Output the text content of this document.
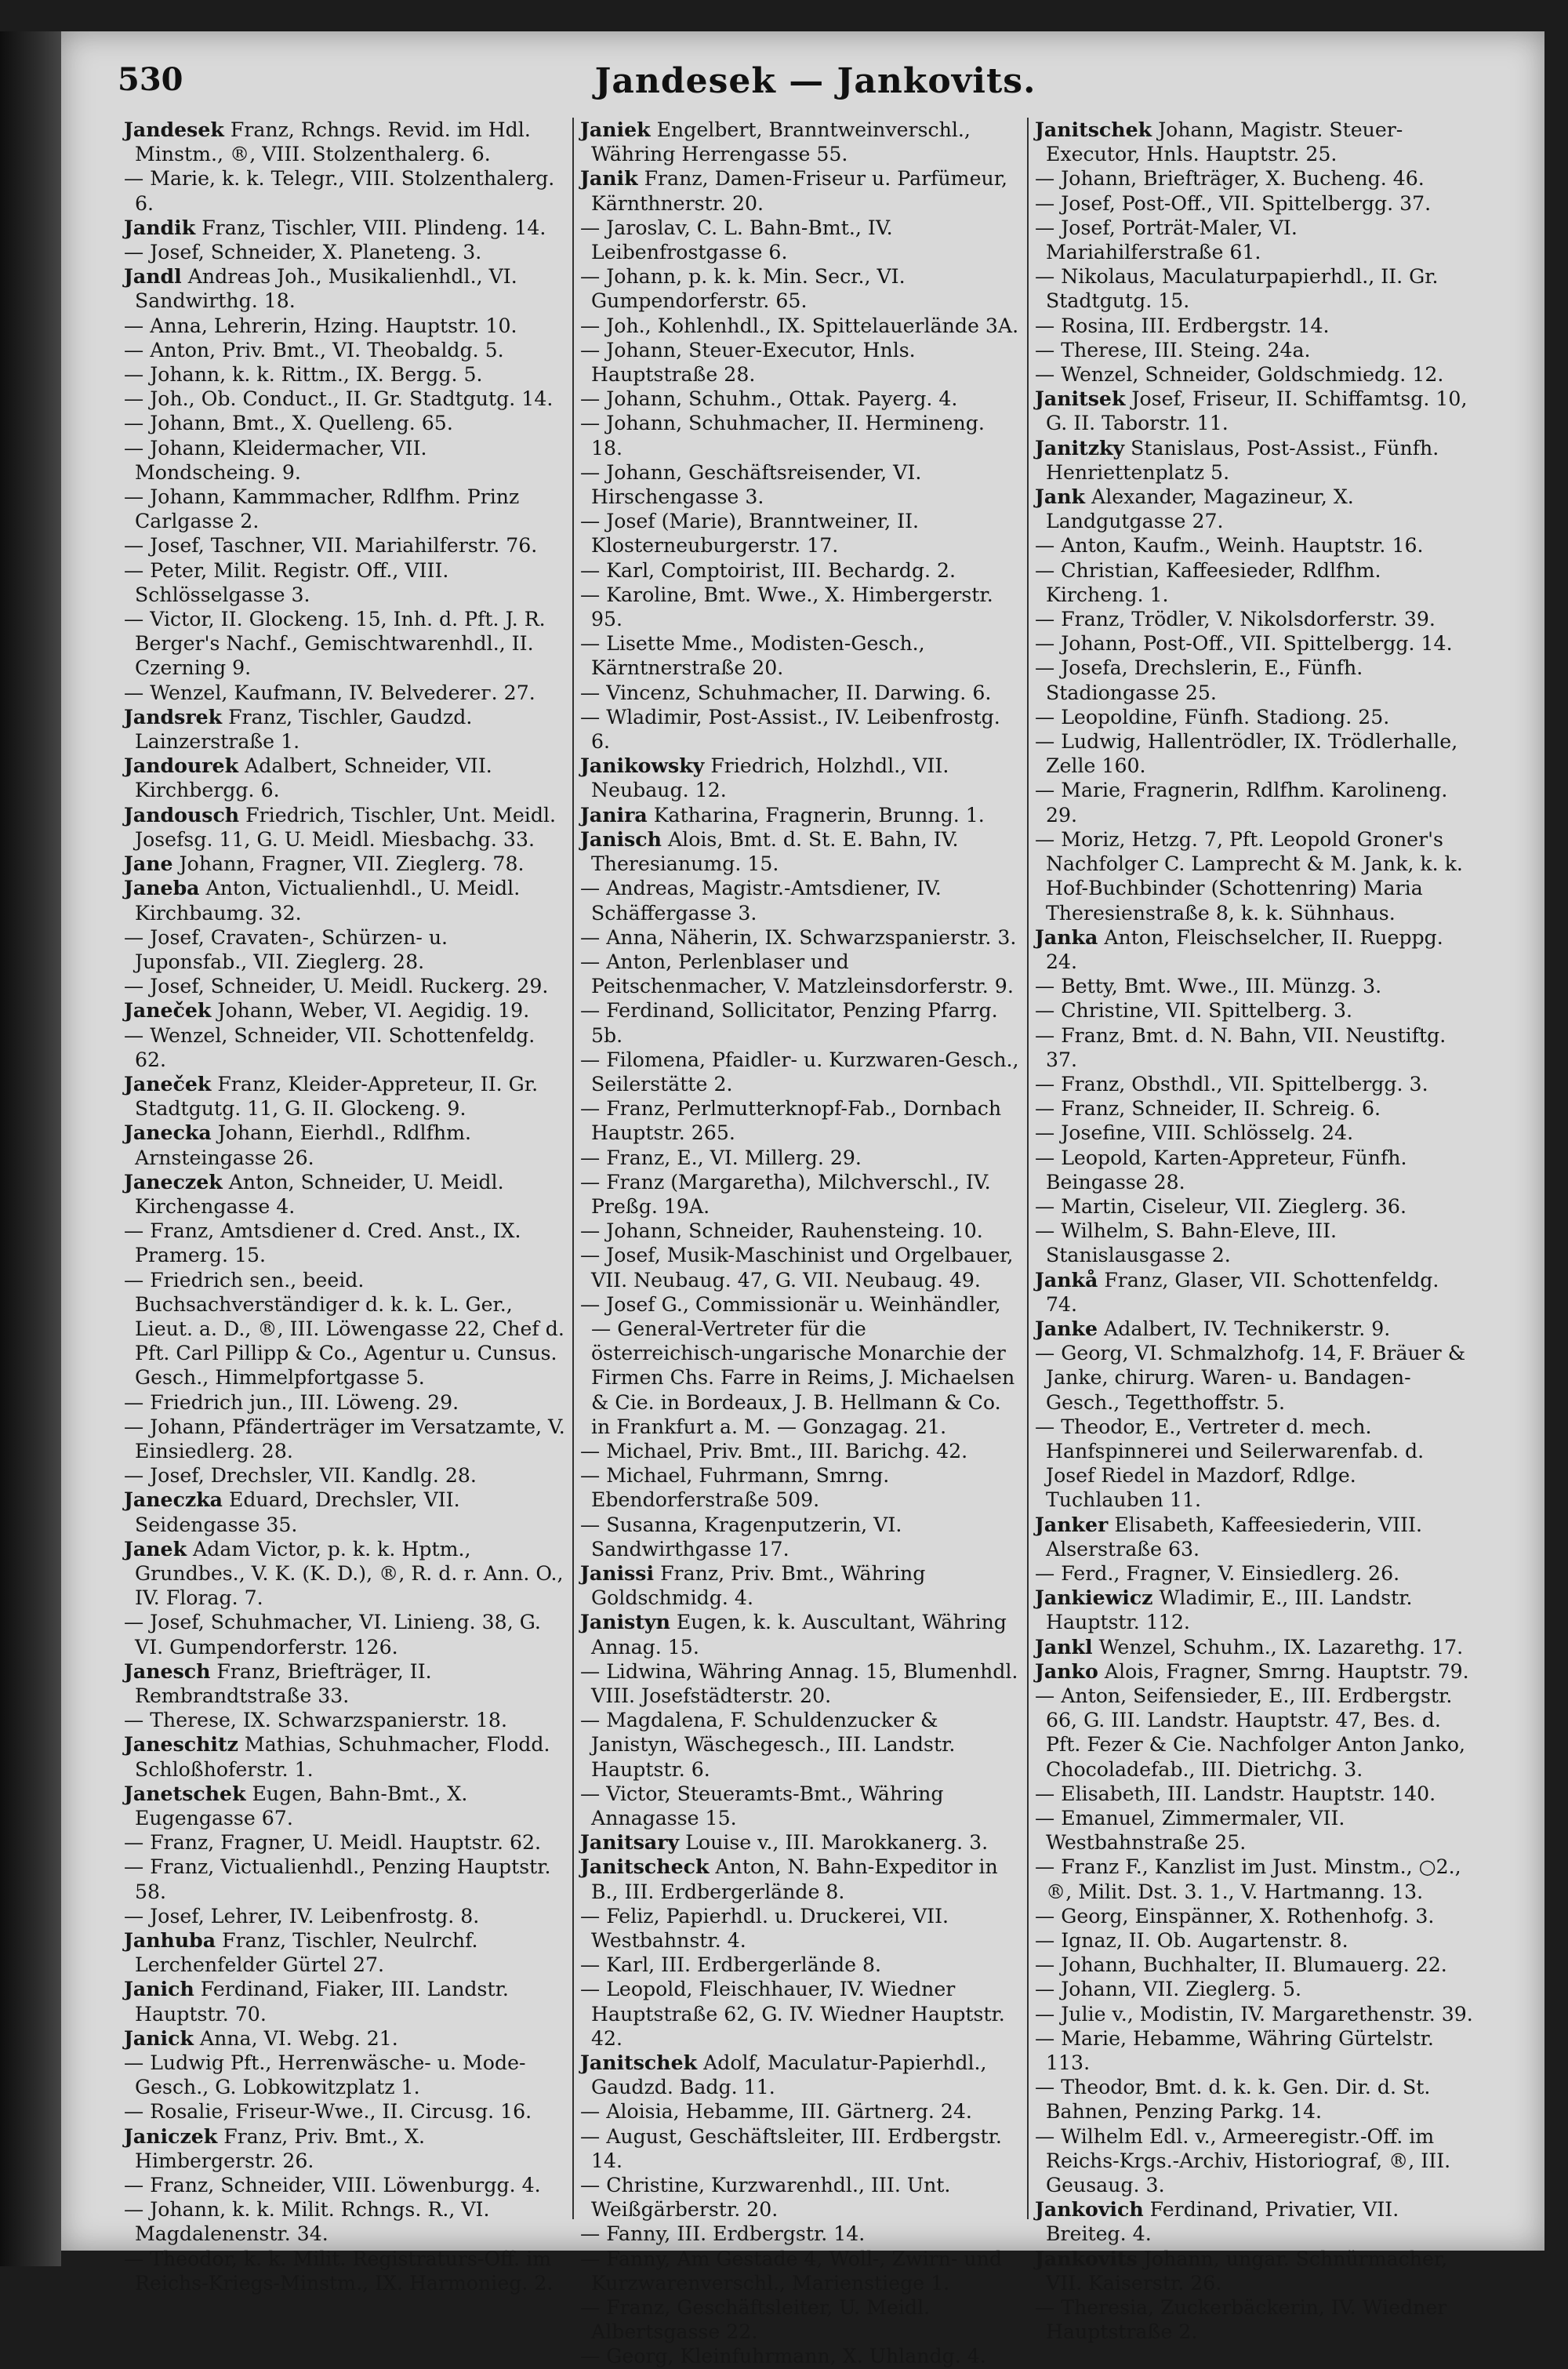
530	Jandesek — Jankovits.
Jandesek Franz, Rchngs. Revid. im Hdl. Minstm., ®, VIII. Stolzenthalerg. 6.
— Marie, k. k. Telegr., VIII. Stolzenthalerg. 6.
Jandik Franz, Tischler, VIII. Plindeng. 14.
— Josef, Schneider, X. Planeteng. 3.
Jandl Andreas Joh., Musikalienhdl., VI. Sandwirthg. 18.
— Anna, Lehrerin, Hzing. Hauptstr. 10.
— Anton, Priv. Bmt., VI. Theobaldg. 5.
— Johann, k. k. Rittm., IX. Bergg. 5.
— Joh., Ob. Conduct., II. Gr. Stadtgutg. 14.
— Johann, Bmt., X. Quelleng. 65.
— Johann, Kleidermacher, VII. Mondscheing. 9.
— Johann, Kammmacher, Rdlfhm. Prinz Carlgasse 2.
— Josef, Taschner, VII. Mariahilferstr. 76.
— Peter, Milit. Registr. Off., VIII. Schlösselgasse 3.
— Victor, II. Glockeng. 15, Inh. d. Pft. J. R. Berger's Nachf., Gemischtwarenhdl., II. Czerning 9.
— Wenzel, Kaufmann, IV. Belvederег. 27.
Jandsrek Franz, Tischler, Gaudzd. Lainzerstraße 1.
Jandourek Adalbert, Schneider, VII. Kirchbergg. 6.
Jandousch Friedrich, Tischler, Unt. Meidl. Josefsg. 11, G. U. Meidl. Miesbachg. 33.
Jane Johann, Fragner, VII. Zieglerg. 78.
Janeba Anton, Victualienhdl., U. Meidl. Kirchbaumg. 32.
— Josef, Cravaten-, Schürzen- u. Juponsfab., VII. Zieglerg. 28.
— Josef, Schneider, U. Meidl. Ruckerg. 29.
Janeček Johann, Weber, VI. Aegidig. 19.
— Wenzel, Schneider, VII. Schottenfeldg. 62.
Janeček Franz, Kleider-Appreteur, II. Gr. Stadtgutg. 11, G. II. Glockeng. 9.
Janecka Johann, Eierhdl., Rdlfhm. Arnsteingasse 26.
Janeczek Anton, Schneider, U. Meidl. Kirchengasse 4.
— Franz, Amtsdiener d. Cred. Anst., IX. Pramerg. 15.
— Friedrich sen., beeid. Buchsachverständiger d. k. k. L. Ger., Lieut. a. D., ®, III. Löwengasse 22, Chef d. Pft. Carl Pillipp & Co., Agentur u. Cunsus. Gesch., Himmelpfortgasse 5.
— Friedrich jun., III. Löweng. 29.
— Johann, Pfänderträger im Versatzamte, V. Einsiedlerg. 28.
— Josef, Drechsler, VII. Kandlg. 28.
Janeczka Eduard, Drechsler, VII. Seidengasse 35.
Janek Adam Victor, p. k. k. Hptm., Grundbes., V. K. (K. D.), ®, R. d. r. Ann. O., IV. Florag. 7.
— Josef, Schuhmacher, VI. Linieng. 38, G. VI. Gumpendorferstr. 126.
Janesch Franz, Briefträger, II. Rembrandtstraße 33.
— Therese, IX. Schwarzspanierstr. 18.
Janeschitz Mathias, Schuhmacher, Flodd. Schloßhoferstr. 1.
Janetschek Eugen, Bahn-Bmt., X. Eugengasse 67.
— Franz, Fragner, U. Meidl. Hauptstr. 62.
— Franz, Victualienhdl., Penzing Hauptstr. 58.
— Josef, Lehrer, IV. Leibenfrostg. 8.
Janhuba Franz, Tischler, Neulrchf. Lerchenfelder Gürtel 27.
Janich Ferdinand, Fiaker, III. Landstr. Hauptstr. 70.
Janick Anna, VI. Webg. 21.
— Ludwig Pft., Herrenwäsche- u. Mode-Gesch., G. Lobkowitzplatz 1.
— Rosalie, Friseur-Wwe., II. Circusg. 16.
Janiczek Franz, Priv. Bmt., X. Himbergerstr. 26.
— Franz, Schneider, VIII. Löwenburgg. 4.
— Johann, k. k. Milit. Rchngs. R., VI. Magdalenenstr. 34.
— Theodor, k. k. Milit. Registraturs-Off. im Reichs-Kriegs-Minstm., IX. Harmonieg. 2.
Janiek Engelbert, Branntweinverschl., Währing Herrengasse 55.
Janik Franz, Damen-Friseur u. Parfümeur, Kärnthnerstr. 20.
— Jaroslav, C. L. Bahn-Bmt., IV. Leibenfrostgasse 6.
— Johann, p. k. k. Min. Secr., VI. Gumpendorferstr. 65.
— Joh., Kohlenhdl., IX. Spittelauerlände 3A.
— Johann, Steuer-Executor, Hnls. Hauptstraße 28.
— Johann, Schuhm., Ottak. Payerg. 4.
— Johann, Schuhmacher, II. Hermineng. 18.
— Johann, Geschäftsreisender, VI. Hirschengasse 3.
— Josef (Marie), Branntweiner, II. Klosterneuburgerstr. 17.
— Karl, Comptoirist, III. Bechardg. 2.
— Karoline, Bmt. Wwe., X. Himbergerstr. 95.
— Lisette Mme., Modisten-Gesch., Kärntnerstraße 20.
— Vincenz, Schuhmacher, II. Darwing. 6.
— Wladimir, Post-Assist., IV. Leibenfrostg. 6.
Janikowsky Friedrich, Holzhdl., VII. Neubaug. 12.
Janira Katharina, Fragnerin, Brunng. 1.
Janisch Alois, Bmt. d. St. E. Bahn, IV. Theresianumg. 15.
— Andreas, Magistr.-Amtsdiener, IV. Schäffergasse 3.
— Anna, Näherin, IX. Schwarzspanierstr. 3.
— Anton, Perlenblaser und Peitschenmacher, V. Matzleinsdorferstr. 9.
— Ferdinand, Sollicitator, Penzing Pfarrg. 5b.
— Filomena, Pfaidler- u. Kurzwaren-Gesch., Seilerstätte 2.
— Franz, Perlmutterknopf-Fab., Dornbach Hauptstr. 265.
— Franz, E., VI. Millerg. 29.
— Franz (Margaretha), Milchverschl., IV. Preßg. 19A.
— Johann, Schneider, Rauhensteing. 10.
— Josef, Musik-Maschinist und Orgelbauer, VII. Neubaug. 47, G. VII. Neubaug. 49.
— Josef G., Commissionär u. Weinhändler, — General-Vertreter für die österreichisch-ungarische Monarchie der Firmen Chs. Farre in Reims, J. Michaelsen & Cie. in Bordeaux, J. B. Hellmann & Co. in Frankfurt a. M. — Gonzagag. 21.
— Michael, Priv. Bmt., III. Barichg. 42.
— Michael, Fuhrmann, Smrng. Ebendorferstraße 509.
— Susanna, Kragenputzerin, VI. Sandwirthgasse 17.
Janissi Franz, Priv. Bmt., Währing Goldschmidg. 4.
Janistyn Eugen, k. k. Auscultant, Währing Annag. 15.
— Lidwina, Währing Annag. 15, Blumenhdl. VIII. Josefstädterstr. 20.
— Magdalena, F. Schuldenzucker & Janistyn, Wäschegesch., III. Landstr. Hauptstr. 6.
— Victor, Steueramts-Bmt., Währing Annagasse 15.
Janitsary Louise v., III. Marokkanerg. 3.
Janitscheck Anton, N. Bahn-Expeditor in B., III. Erdbergerlände 8.
— Feliz, Papierhdl. u. Druckerei, VII. Westbahnstr. 4.
— Karl, III. Erdbergerlände 8.
— Leopold, Fleischhauer, IV. Wiedner Hauptstraße 62, G. IV. Wiedner Hauptstr. 42.
Janitschek Adolf, Maculatur-Papierhdl., Gaudzd. Badg. 11.
— Aloisia, Hebamme, III. Gärtnerg. 24.
— August, Geschäftsleiter, III. Erdbergstr. 14.
— Christine, Kurzwarenhdl., III. Unt. Weißgärberstr. 20.
— Fanny, III. Erdbergstr. 14.
— Fanny, Am Gestade 4, Woll-, Zwirn- und Kurzwarenverschl., Marienstiege 1.
— Franz, Geschäftsleiter, U. Meidl. Albertsgasse 22.
— Georg, Kleinfuhrmann, X. Uhlandg. 4.
Janitschek Johann, Magistr. Steuer-Executor, Hnls. Hauptstr. 25.
— Johann, Briefträger, X. Bucheng. 46.
— Josef, Post-Off., VII. Spittelbergg. 37.
— Josef, Porträt-Maler, VI. Mariahilferstraße 61.
— Nikolaus, Maculaturpapierhdl., II. Gr. Stadtgutg. 15.
— Rosina, III. Erdbergstr. 14.
— Therese, III. Steing. 24a.
— Wenzel, Schneider, Goldschmiedg. 12.
Janitsek Josef, Friseur, II. Schiffamtsg. 10, G. II. Taborstr. 11.
Janitzky Stanislaus, Post-Assist., Fünfh. Henriettenplatz 5.
Jank Alexander, Magazineur, X. Landgutgasse 27.
— Anton, Kaufm., Weinh. Hauptstr. 16.
— Christian, Kaffeesieder, Rdlfhm. Kircheng. 1.
— Franz, Trödler, V. Nikolsdorferstr. 39.
— Johann, Post-Off., VII. Spittelbergg. 14.
— Josefa, Drechslerin, E., Fünfh. Stadiongasse 25.
— Leopoldine, Fünfh. Stadiong. 25.
— Ludwig, Hallentrödler, IX. Trödlerhalle, Zelle 160.
— Marie, Fragnerin, Rdlfhm. Karolineng. 29.
— Moriz, Hetzg. 7, Pft. Leopold Groner's Nachfolger C. Lamprecht & M. Jank, k. k. Hof-Buchbinder (Schottenring) Maria Theresienstraße 8, k. k. Sühnhaus.
Janka Anton, Fleischselcher, II. Rueppg. 24.
— Betty, Bmt. Wwe., III. Münzg. 3.
— Christine, VII. Spittelberg. 3.
— Franz, Bmt. d. N. Bahn, VII. Neustiftg. 37.
— Franz, Obsthdl., VII. Spittelbergg. 3.
— Franz, Schneider, II. Schreig. 6.
— Josefine, VIII. Schlösselg. 24.
— Leopold, Karten-Appreteur, Fünfh. Beingasse 28.
— Martin, Ciseleur, VII. Zieglerg. 36.
— Wilhelm, S. Bahn-Eleve, III. Stanislausgasse 2.
Jankå Franz, Glaser, VII. Schottenfeldg. 74.
Janke Adalbert, IV. Technikerstr. 9.
— Georg, VI. Schmalzhofg. 14, F. Bräuer & Janke, chirurg. Waren- u. Bandagen-Gesch., Tegetthoffstr. 5.
— Theodor, E., Vertreter d. mech. Hanfspinnerei und Seilerwarenfab. d. Josef Riedel in Mazdorf, Rdlge. Tuchlauben 11.
Janker Elisabeth, Kaffeesiederin, VIII. Alserstraße 63.
— Ferd., Fragner, V. Einsiedlerg. 26.
Jankiewicz Wladimir, E., III. Landstr. Hauptstr. 112.
Jankl Wenzel, Schuhm., IX. Lazarethg. 17.
Janko Alois, Fragner, Smrng. Hauptstr. 79.
— Anton, Seifensieder, E., III. Erdbergstr. 66, G. III. Landstr. Hauptstr. 47, Bes. d. Pft. Fezer & Cie. Nachfolger Anton Janko, Chocoladefab., III. Dietrichg. 3.
— Elisabeth, III. Landstr. Hauptstr. 140.
— Emanuel, Zimmermaler, VII. Westbahnstraße 25.
— Franz F., Kanzlist im Just. Minstm., ○2., ®, Milit. Dst. 3. 1., V. Hartmanng. 13.
— Georg, Einspänner, X. Rothenhofg. 3.
— Ignaz, II. Ob. Augartenstr. 8.
— Johann, Buchhalter, II. Blumauerg. 22.
— Johann, VII. Zieglerg. 5.
— Julie v., Modistin, IV. Margarethenstr. 39.
— Marie, Hebamme, Währing Gürtelstr. 113.
— Theodor, Bmt. d. k. k. Gen. Dir. d. St. Bahnen, Penzing Parkg. 14.
— Wilhelm Edl. v., Armeeregistr.-Off. im Reichs-Krgs.-Archiv, Historiograf, ®, III. Geusaug. 3.
Jankovich Ferdinand, Privatier, VII. Breiteg. 4.
Jankovits Johann, ungar. Schnürmacher, VII. Kaiserstr. 26.
— Theresia, Zuckerbäckerin, IV. Wiedner Hauptstraße 2.
